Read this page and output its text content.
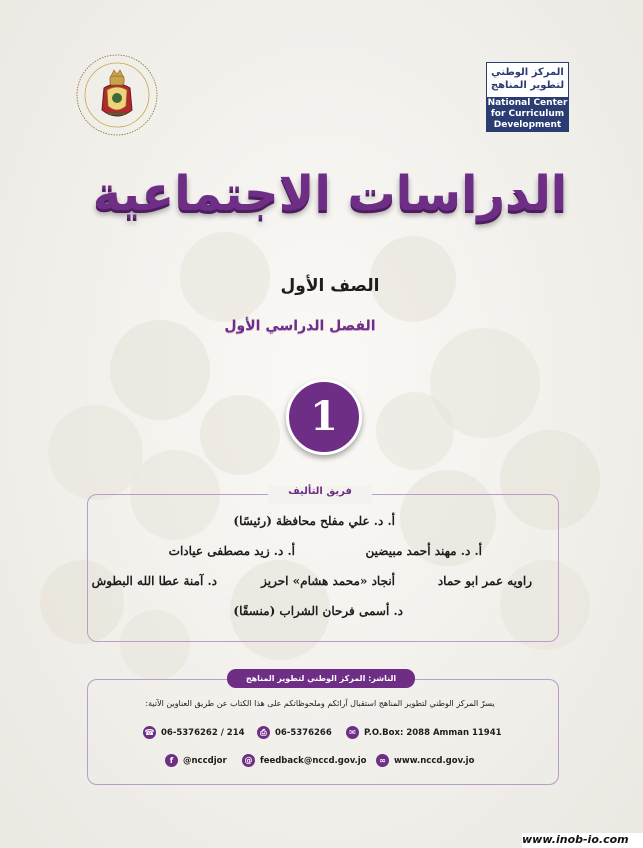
المركز الوطني لتطوير المناهج
National Center
for Curriculum
Development
الدراسات الاجتماعية
الصف الأول
الفصل الدراسي الأول
1
فريق التأليف
أ. د. علي مفلح محافظة (رئيسًا)
أ. د. مهند أحمد مبيضين
أ. د. زيد مصطفى عيادات
راويه عمر ابو حماد
أنجاد «محمد هشام» احريز
د. آمنة عطا الله البطوش
د. أسمى فرحان الشراب (منسقًا)
الناشر: المركز الوطني لتطوير المناهج
يسرّ المركز الوطني لتطوير المناهج استقبال آرائكم وملحوظاتكم على هذا الكتاب عن طريق العناوين الآتية:
☎ 06-5376262 / 214	⎙ 06-5376266	✉ P.O.Box: 2088 Amman 11941
f	@nccdjor	@ feedback@nccd.gov.jo	∞ www.nccd.gov.jo
www.inob-io.com
